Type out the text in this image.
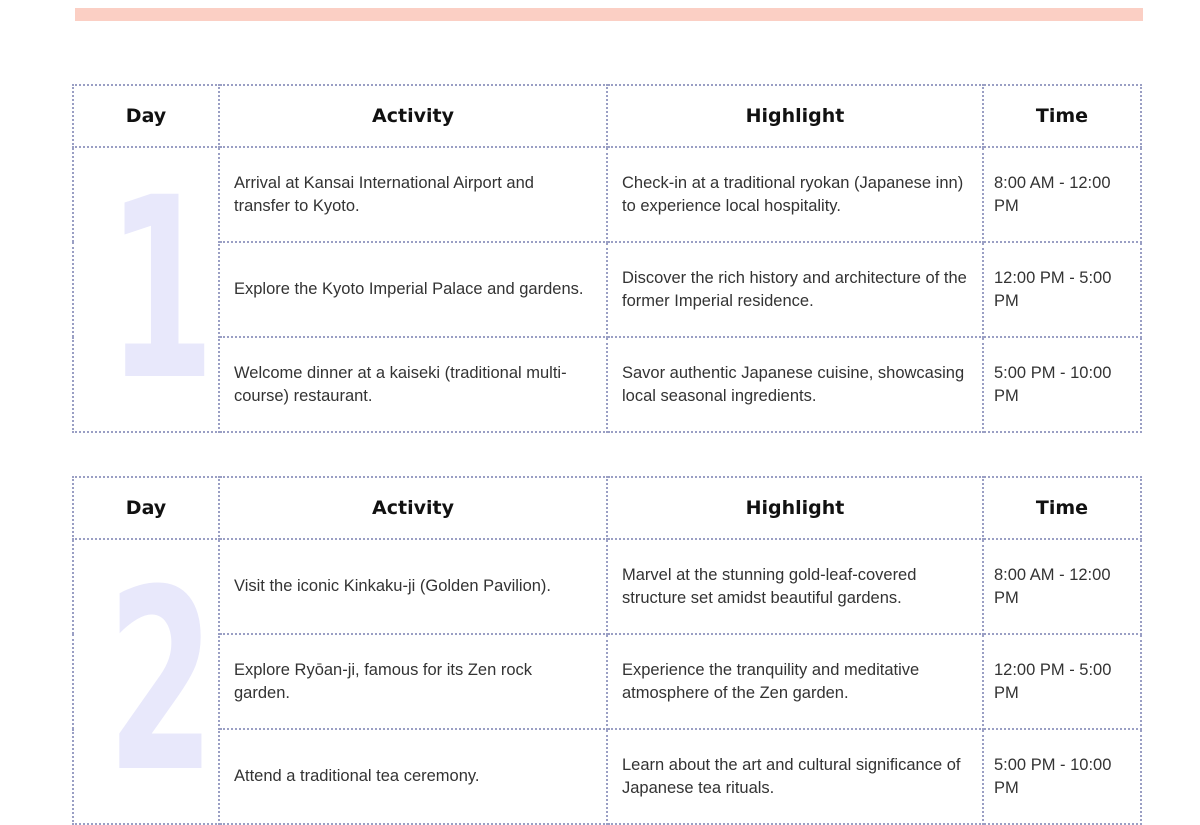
Day	Activity	Highlight	Time
1	Arrival at Kansai International Airport and transfer to Kyoto.	Check-in at a traditional ryokan (Japanese inn) to experience local hospitality.	8:00 AM - 12:00 PM
	Explore the Kyoto Imperial Palace and gardens.	Discover the rich history and architecture of the former Imperial residence.	12:00 PM - 5:00 PM
	Welcome dinner at a kaiseki (traditional multi-course) restaurant.	Savor authentic Japanese cuisine, showcasing local seasonal ingredients.	5:00 PM - 10:00 PM
Day	Activity	Highlight	Time
2	Visit the iconic Kinkaku-ji (Golden Pavilion).	Marvel at the stunning gold-leaf-covered structure set amidst beautiful gardens.	8:00 AM - 12:00 PM
	Explore Ryōan-ji, famous for its Zen rock garden.	Experience the tranquility and meditative atmosphere of the Zen garden.	12:00 PM - 5:00 PM
	Attend a traditional tea ceremony.	Learn about the art and cultural significance of Japanese tea rituals.	5:00 PM - 10:00 PM
